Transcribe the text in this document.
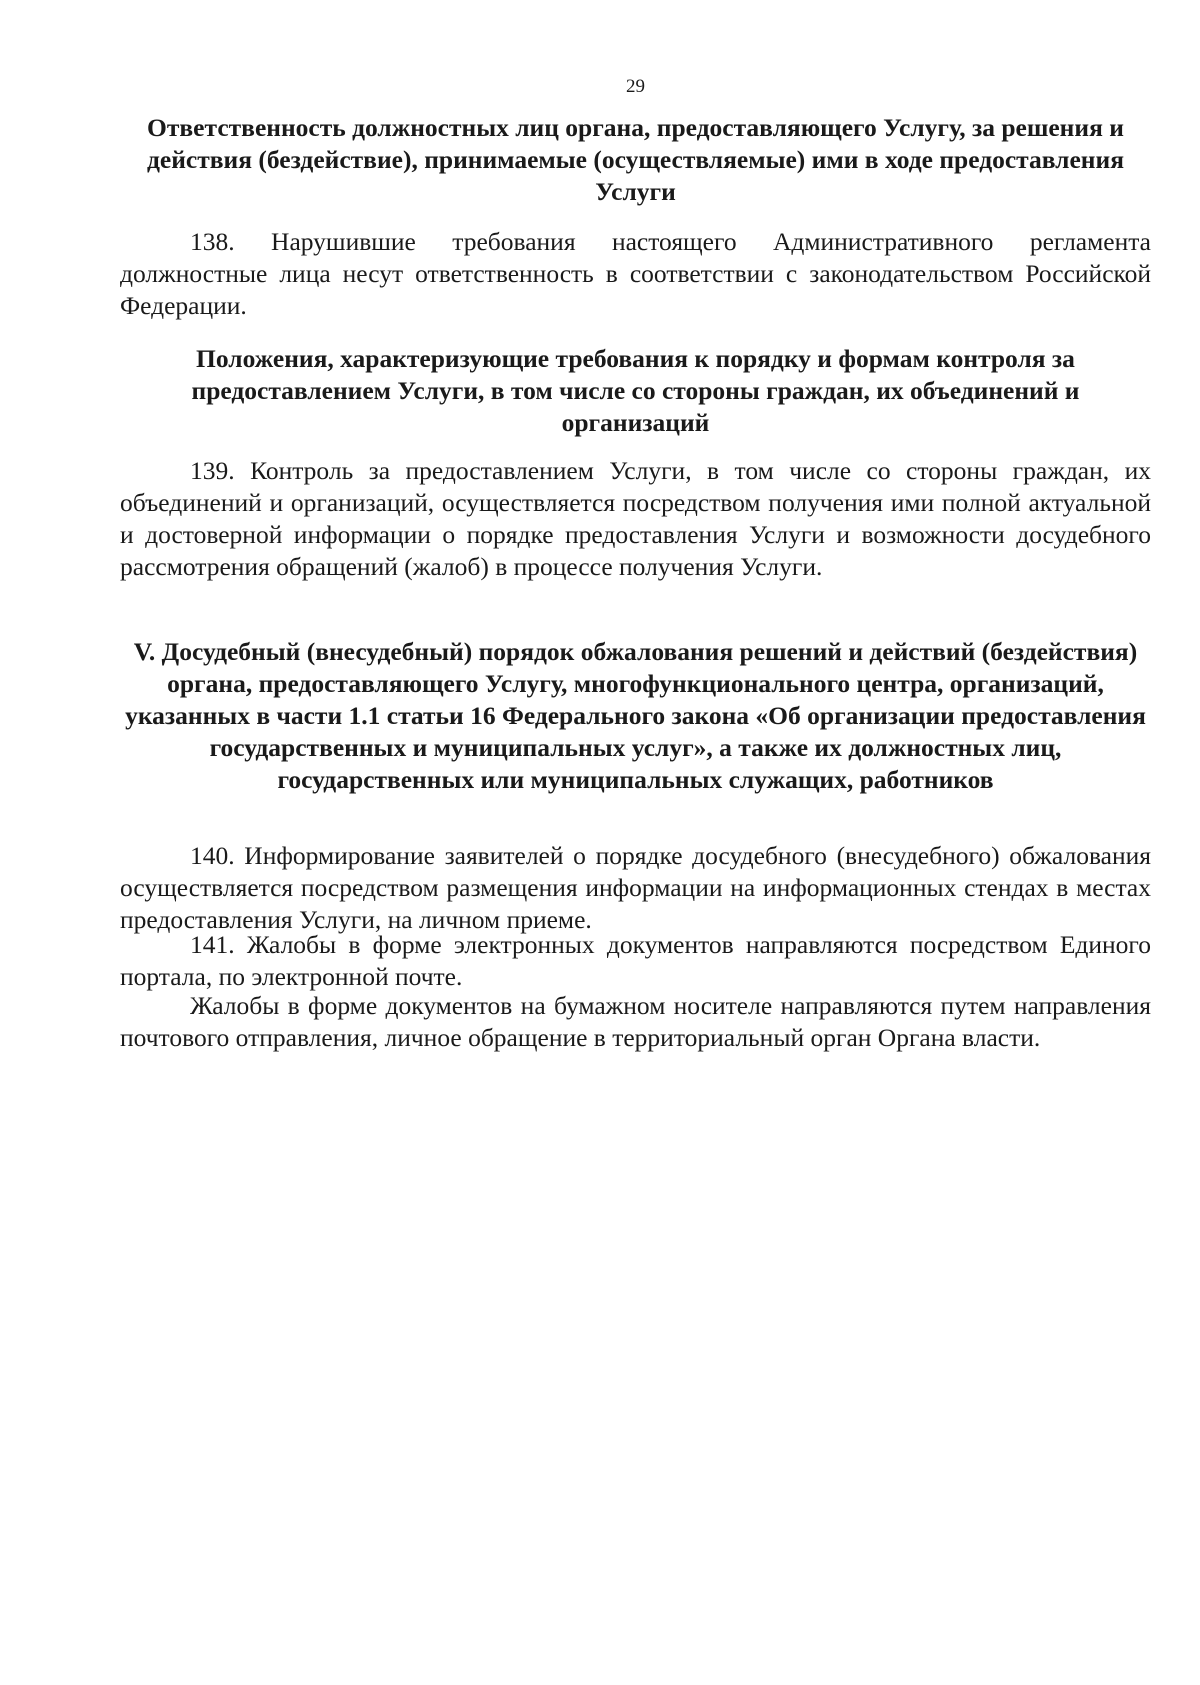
29
Ответственность должностных лиц органа, предоставляющего Услугу, за решения и действия (бездействие), принимаемые (осуществляемые) ими в ходе предоставления Услуги

138. Нарушившие требования настоящего Административного регламента должностные лица несут ответственность в соответствии с законодательством Российской Федерации.

Положения, характеризующие требования к порядку и формам контроля за предоставлением Услуги, в том числе со стороны граждан, их объединений и организаций

139. Контроль за предоставлением Услуги, в том числе со стороны граждан, их объединений и организаций, осуществляется посредством получения ими полной актуальной и достоверной информации о порядке предоставления Услуги и возможности досудебного рассмотрения обращений (жалоб) в процессе получения Услуги.

V. Досудебный (внесудебный) порядок обжалования решений и действий (бездействия) органа, предоставляющего Услугу, многофункционального центра, организаций, указанных в части 1.1 статьи 16 Федерального закона «Об организации предоставления государственных и муниципальных услуг», а также их должностных лиц, государственных или муниципальных служащих, работников

140. Информирование заявителей о порядке досудебного (внесудебного) обжалования осуществляется посредством размещения информации на информационных стендах в местах предоставления Услуги, на личном приеме.

141. Жалобы в форме электронных документов направляются посредством Единого портала, по электронной почте.

Жалобы в форме документов на бумажном носителе направляются путем направления почтового отправления, личное обращение в территориальный орган Органа власти.
